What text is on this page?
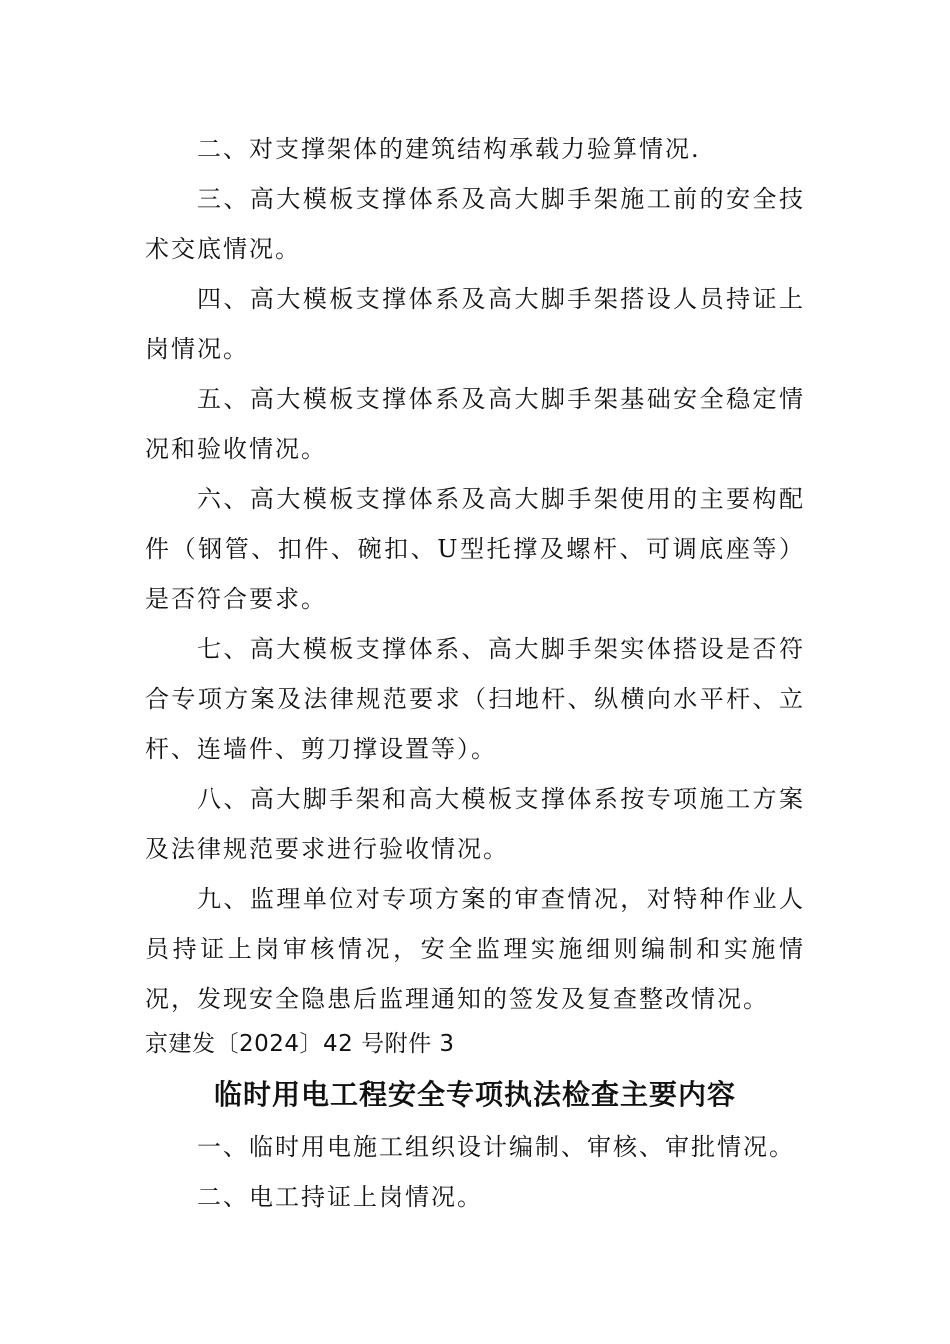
二、对支撑架体的建筑结构承载力验算情况.

三、高大模板支撑体系及高大脚手架施工前的安全技术交底情况。

四、高大模板支撑体系及高大脚手架搭设人员持证上岗情况。

五、高大模板支撑体系及高大脚手架基础安全稳定情况和验收情况。

六、高大模板支撑体系及高大脚手架使用的主要构配件（钢管、扣件、碗扣、U型托撑及螺杆、可调底座等）是否符合要求。

七、高大模板支撑体系、高大脚手架实体搭设是否符合专项方案及法律规范要求（扫地杆、纵横向水平杆、立杆、连墙件、剪刀撑设置等）。

八、高大脚手架和高大模板支撑体系按专项施工方案及法律规范要求进行验收情况。

九、监理单位对专项方案的审查情况，对特种作业人员持证上岗审核情况，安全监理实施细则编制和实施情况，发现安全隐患后监理通知的签发及复查整改情况。

京建发〔2024〕42 号附件 3

临时用电工程安全专项执法检查主要内容

一、临时用电施工组织设计编制、审核、审批情况。

二、电工持证上岗情况。
